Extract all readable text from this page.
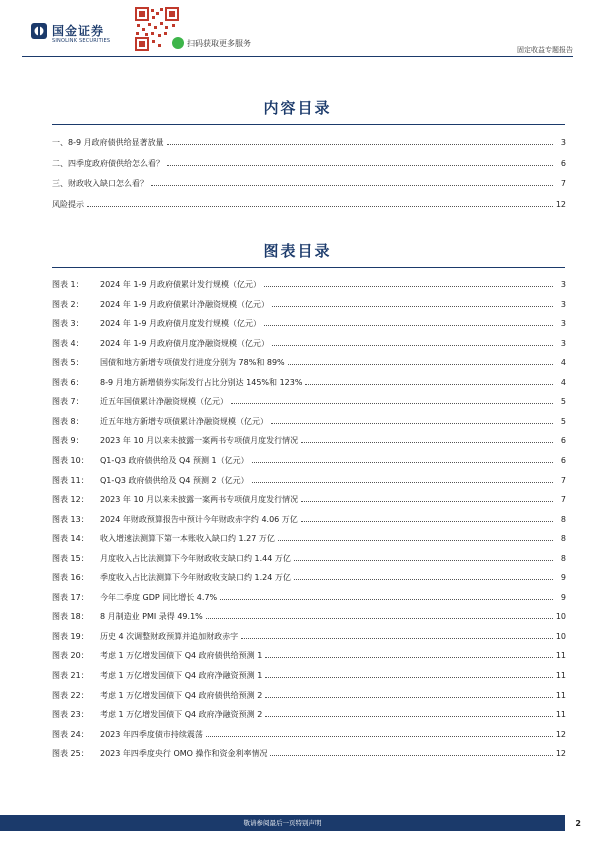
国金证券
SINOLINK SECURITIES	扫码获取更多服务
固定收益专题报告
内容目录
一、8-9 月政府债供给显著放量	3
二、四季度政府债供给怎么看？	6
三、财政收入缺口怎么看？	7
风险提示	12
图表目录
图表 1： 2024 年 1-9 月政府债累计发行规模（亿元）	3
图表 2： 2024 年 1-9 月政府债累计净融资规模（亿元）	3
图表 3： 2024 年 1-9 月政府债月度发行规模（亿元）	3
图表 4： 2024 年 1-9 月政府债月度净融资规模（亿元）	3
图表 5： 国债和地方新增专项债发行进度分别为 78%和 89%	4
图表 6： 8-9 月地方新增债券实际发行占比分别达 145%和 123%	4
图表 7： 近五年国债累计净融资规模（亿元）	5
图表 8： 近五年地方新增专项债累计净融资规模（亿元）	5
图表 9： 2023 年 10 月以来未披露一案两书专项债月度发行情况	6
图表 10： Q1-Q3 政府债供给及 Q4 预测 1（亿元）	6
图表 11： Q1-Q3 政府债供给及 Q4 预测 2（亿元）	7
图表 12： 2023 年 10 月以来未披露一案两书专项债月度发行情况	7
图表 13： 2024 年财政预算报告中预计今年财政赤字约 4.06 万亿	8
图表 14： 收入增速法测算下第一本账收入缺口约 1.27 万亿	8
图表 15： 月度收入占比法测算下今年财政收支缺口约 1.44 万亿	8
图表 16： 季度收入占比法测算下今年财政收支缺口约 1.24 万亿	9
图表 17： 今年二季度 GDP 同比增长 4.7%	9
图表 18： 8 月制造业 PMI 录得 49.1%	10
图表 19： 历史 4 次调整财政预算并追加财政赤字	10
图表 20： 考虑 1 万亿增发国债下 Q4 政府债供给预测 1	11
图表 21： 考虑 1 万亿增发国债下 Q4 政府净融资预测 1	11
图表 22： 考虑 1 万亿增发国债下 Q4 政府债供给预测 2	11
图表 23： 考虑 1 万亿增发国债下 Q4 政府净融资预测 2	11
图表 24： 2023 年四季度债市持续震荡	12
图表 25： 2023 年四季度央行 OMO 操作和资金利率情况	12
敬请参阅最后一页特别声明	2
